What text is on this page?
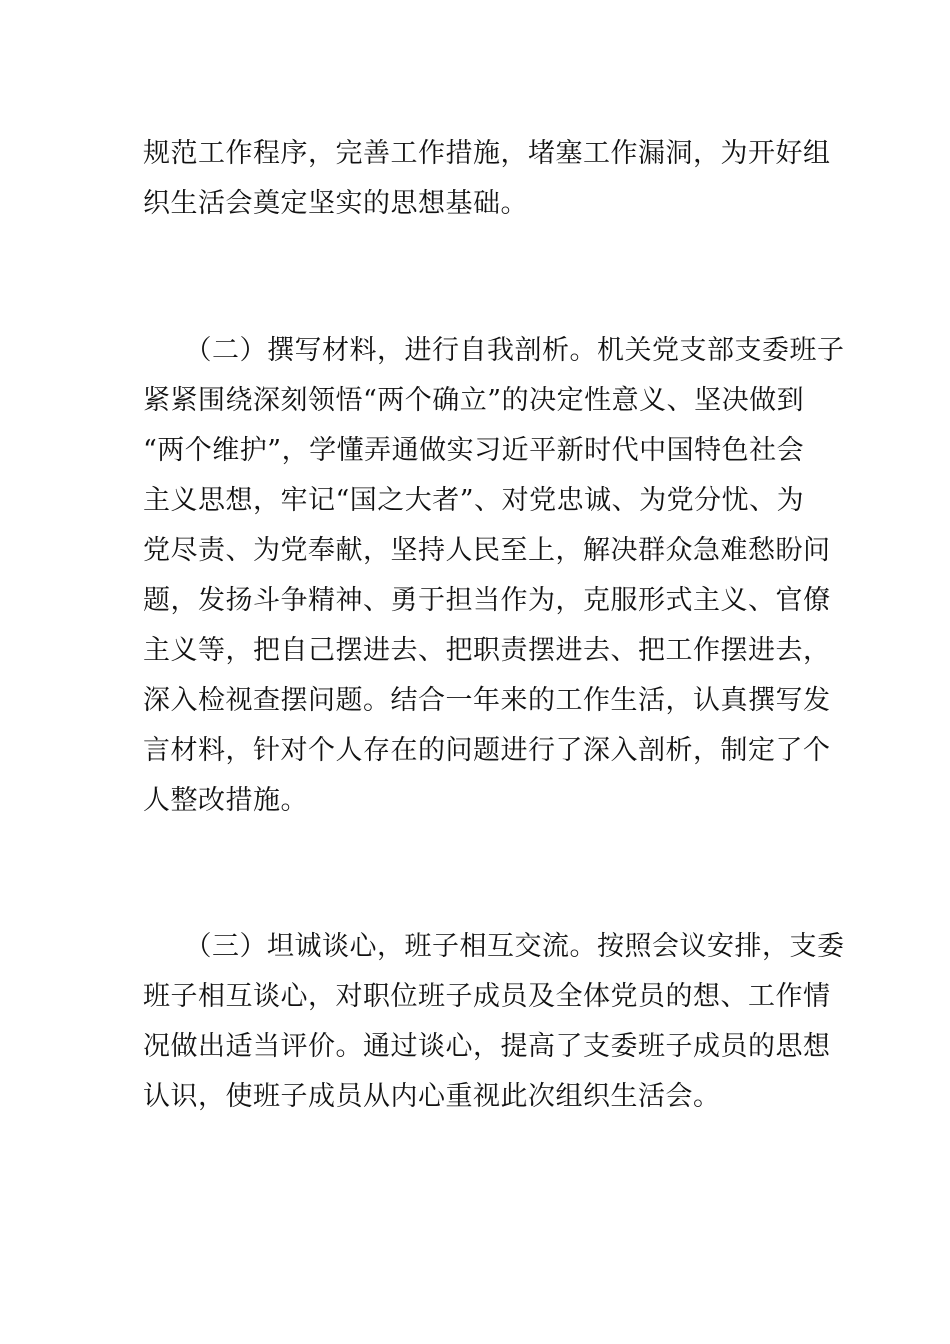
规范工作程序，完善工作措施，堵塞工作漏洞，为开好组
织生活会奠定坚实的思想基础。
　　（二）撰写材料，进行自我剖析。机关党支部支委班子
紧紧围绕深刻领悟“两个确立”的决定性意义、坚决做到
“两个维护”，学懂弄通做实习近平新时代中国特色社会
主义思想，牢记“国之大者”、对党忠诚、为党分忧、为
党尽责、为党奉献，坚持人民至上，解决群众急难愁盼问
题，发扬斗争精神、勇于担当作为，克服形式主义、官僚
主义等，把自己摆进去、把职责摆进去、把工作摆进去，
深入检视查摆问题。结合一年来的工作生活，认真撰写发
言材料，针对个人存在的问题进行了深入剖析，制定了个
人整改措施。
　　（三）坦诚谈心，班子相互交流。按照会议安排，支委
班子相互谈心，对职位班子成员及全体党员的想、工作情
况做出适当评价。通过谈心，提高了支委班子成员的思想
认识，使班子成员从内心重视此次组织生活会。
